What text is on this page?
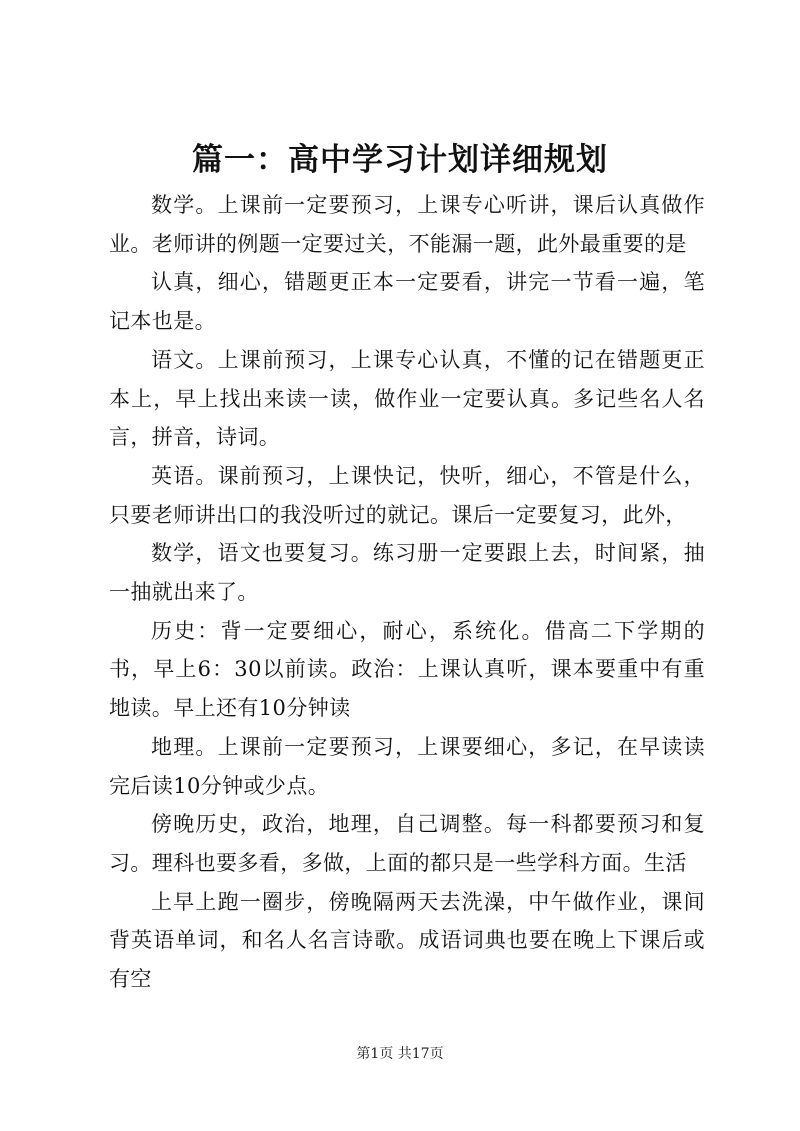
篇一：高中学习计划详细规划

数学。上课前一定要预习，上课专心听讲，课后认真做作业。老师讲的例题一定要过关，不能漏一题，此外最重要的是

认真，细心，错题更正本一定要看，讲完一节看一遍，笔记本也是。

语文。上课前预习，上课专心认真，不懂的记在错题更正本上，早上找出来读一读，做作业一定要认真。多记些名人名言，拼音，诗词。

英语。课前预习，上课快记，快听，细心，不管是什么，只要老师讲出口的我没听过的就记。课后一定要复习，此外，

数学，语文也要复习。练习册一定要跟上去，时间紧，抽一抽就出来了。

历史：背一定要细心，耐心，系统化。借高二下学期的书，早上6：30以前读。政治：上课认真听，课本要重中有重地读。早上还有10分钟读

地理。上课前一定要预习，上课要细心，多记，在早读读完后读10分钟或少点。

傍晚历史，政治，地理，自己调整。每一科都要预习和复习。理科也要多看，多做，上面的都只是一些学科方面。生活

上早上跑一圈步，傍晚隔两天去洗澡，中午做作业，课间背英语单词，和名人名言诗歌。成语词典也要在晚上下课后或有空

第1页 共17页
